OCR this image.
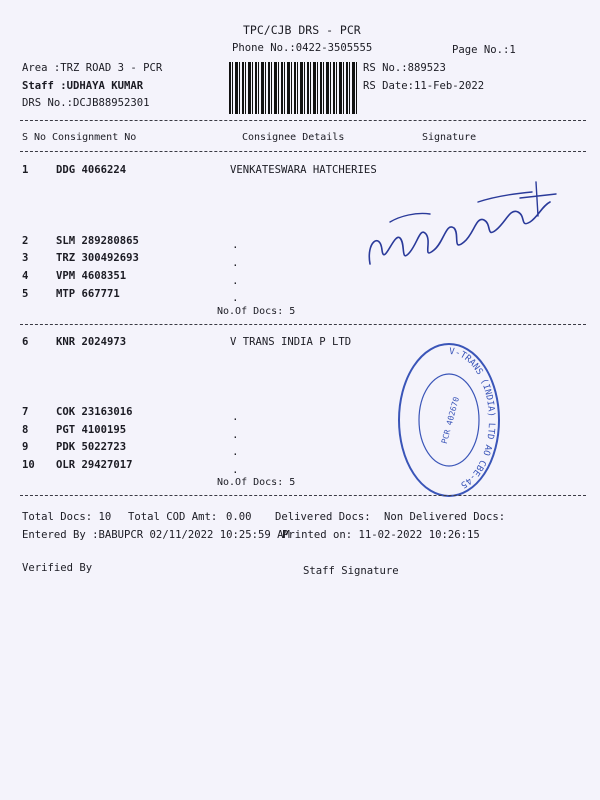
TPC/CJB DRS - PCR
Phone No.:0422-3505555	Page No.:1
Area :TRZ ROAD 3 - PCR
Staff :UDHAYA KUMAR
DRS No.:DCJB88952301
RS No.:889523
RS Date:11-Feb-2022
S No Consignment No	Consignee Details	Signature
1	DDG 4066224	VENKATESWARA HATCHERIES
2	SLM 289280865
3	TRZ 300492693
4	VPM 4608351
5	MTP 667771
.
.
.
.
No.Of Docs: 5
6	KNR 2024973	V TRANS INDIA P LTD
7	COK 23163016
8	PGT 4100195
9	PDK 5022723
10 OLR 29427017
.
.
.
.
No.Of Docs: 5
V-TRANS (INDIA) LTD AO CBE-45
PCR 402670
Total Docs: 10 Total COD Amt: 0.00 Delivered Docs: Non Delivered Docs:
Entered By :BABUPCR 02/11/2022 10:25:59 AM
Printed on: 11-02-2022 10:26:15
Verified By	Staff Signature
